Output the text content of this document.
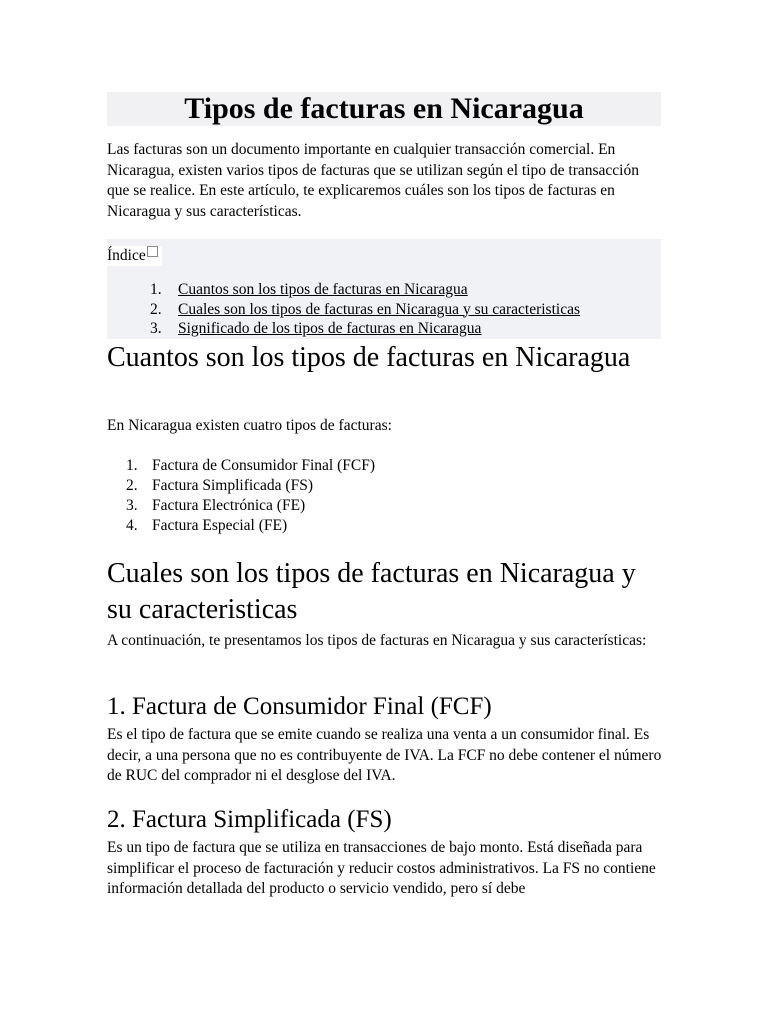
Tipos de facturas en Nicaragua

Las facturas son un documento importante en cualquier transacción comercial. En Nicaragua, existen varios tipos de facturas que se utilizan según el tipo de transacción que se realice. En este artículo, te explicaremos cuáles son los tipos de facturas en Nicaragua y sus características.

Índice
1. Cuantos son los tipos de facturas en Nicaragua
2. Cuales son los tipos de facturas en Nicaragua y su caracteristicas
3. Significado de los tipos de facturas en Nicaragua
Cuantos son los tipos de facturas en Nicaragua

En Nicaragua existen cuatro tipos de facturas:

1. Factura de Consumidor Final (FCF)
2. Factura Simplificada (FS)
3. Factura Electrónica (FE)
4. Factura Especial (FE)
Cuales son los tipos de facturas en Nicaragua y su caracteristicas

A continuación, te presentamos los tipos de facturas en Nicaragua y sus características:

1. Factura de Consumidor Final (FCF)

Es el tipo de factura que se emite cuando se realiza una venta a un consumidor final. Es decir, a una persona que no es contribuyente de IVA. La FCF no debe contener el número de RUC del comprador ni el desglose del IVA.

2. Factura Simplificada (FS)

Es un tipo de factura que se utiliza en transacciones de bajo monto. Está diseñada para simplificar el proceso de facturación y reducir costos administrativos. La FS no contiene información detallada del producto o servicio vendido, pero sí debe
